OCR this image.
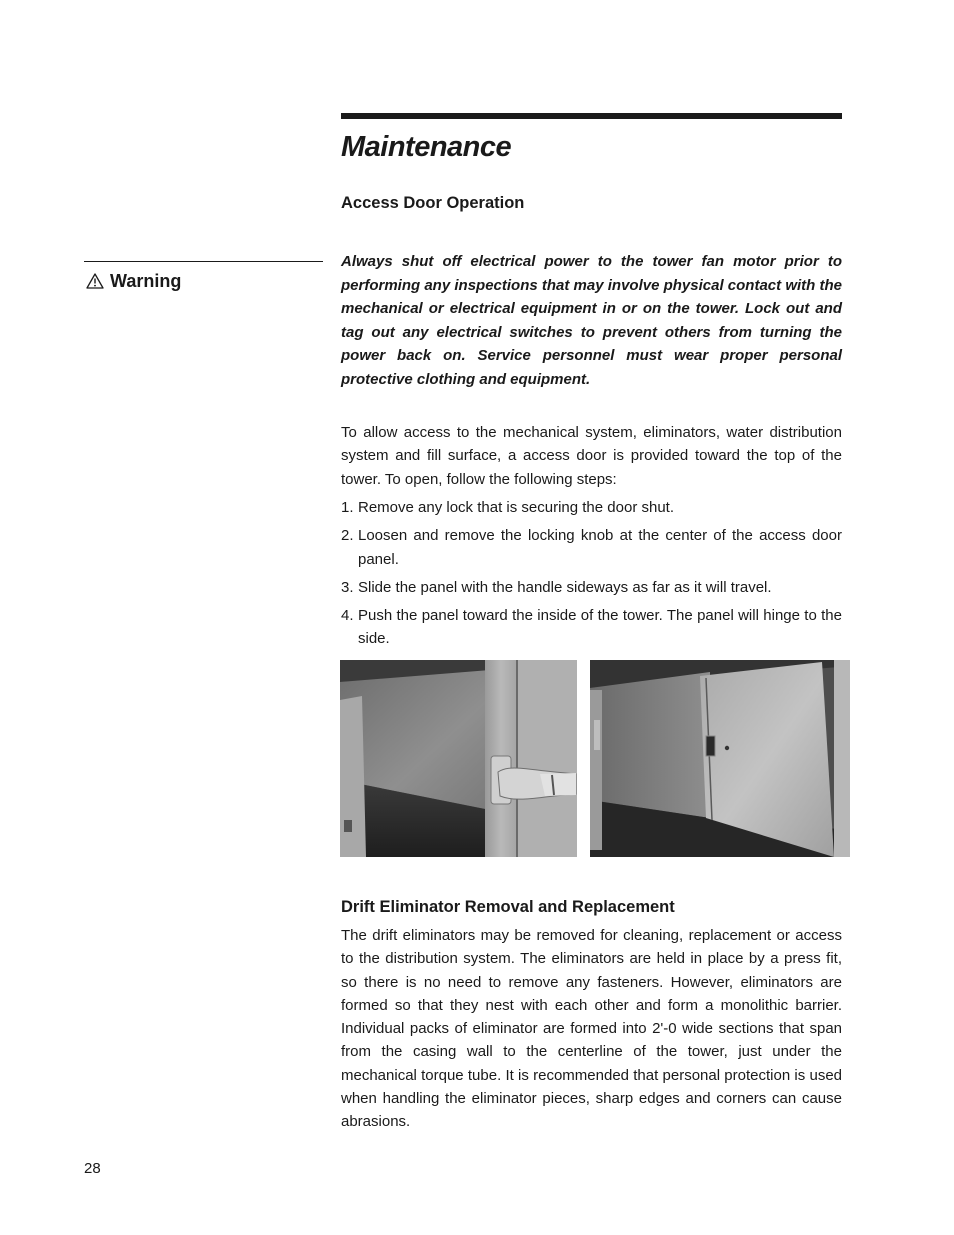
Maintenance
Access Door Operation
Warning

Always shut off electrical power to the tower fan motor prior to performing any inspections that may involve physical contact with the mechanical or electrical equipment in or on the tower. Lock out and tag out any electrical switches to prevent others from turning the power back on. Service personnel must wear proper personal protective clothing and equipment.

To allow access to the mechanical system, eliminators, water distribution system and fill surface, a access door is provided toward the top of the tower. To open, follow the following steps:

1. Remove any lock that is securing the door shut.
2. Loosen and remove the locking knob at the center of the access door panel.
3. Slide the panel with the handle sideways as far as it will travel.
4. Push the panel toward the inside of the tower. The panel will hinge to the side.
Drift Eliminator Removal and Replacement

The drift eliminators may be removed for cleaning, replacement or access to the distribution system. The eliminators are held in place by a press fit, so there is no need to remove any fasteners. However, eliminators are formed so that they nest with each other and form a monolithic barrier. Individual packs of eliminator are formed into 2'-0 wide sections that span from the casing wall to the centerline of the tower, just under the mechanical torque tube. It is recommended that personal protection is used when handling the eliminator pieces, sharp edges and corners can cause abrasions.

28
